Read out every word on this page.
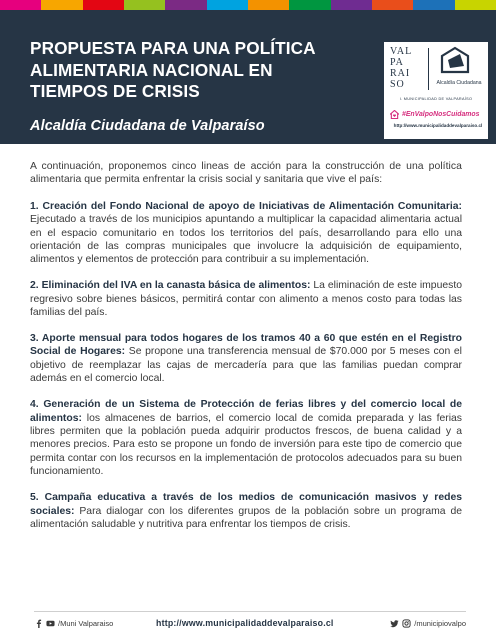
PROPUESTA PARA UNA POLÍTICA
ALIMENTARIA NACIONAL EN
TIEMPOS DE CRISIS
Alcaldía Ciudadana de Valparaíso
VAL
PA
RAI
SO	Alcaldía Ciudadana
I. MUNICIPALIDAD DE VALPARAÍSO
#EnValpoNosCuidamos
http://www.municipalidaddevalparaiso.cl

A continuación, proponemos cinco lineas de acción para la construcción de una política alimentaria que permita enfrentar la crisis social y sanitaria que vive el país:

1. Creación del Fondo Nacional de apoyo de Iniciativas de Alimentación Comunitaria: Ejecutado a través de los municipios apuntando a multiplicar la capacidad alimentaria actual en el espacio comunitario en todos los territorios del país, desarrollando para ello una orientación de las compras municipales que involucre la adquisición de equipamiento, alimentos y elementos de protección para contribuir a su implementación.

2. Eliminación del IVA en la canasta básica de alimentos: La eliminación de este impuesto regresivo sobre bienes básicos, permitirá contar con alimento a menos costo para todas las familias del país.

3. Aporte mensual para todos hogares de los tramos 40 a 60 que estén en el Registro Social de Hogares: Se propone una transferencia mensual de $70.000 por 5 meses con el objetivo de reemplazar las cajas de mercadería para que las familias puedan comprar además en el comercio local.

4. Generación de un Sistema de Protección de ferias libres y del comercio local de alimentos: los almacenes de barrios, el comercio local de comida preparada y las ferias libres permiten que la población pueda adquirir productos frescos, de buena calidad y a menores precios. Para esto se propone un fondo de inversión para este tipo de comercio que permita contar con los recursos en la implementación de protocolos adecuados para su buen funcionamiento.

5. Campaña educativa a través de los medios de comunicación masivos y redes sociales: Para dialogar con los diferentes grupos de la población sobre un programa de alimentación saludable y nutritiva para enfrentar los tiempos de crisis.

/Muni Valparaiso	http://www.municipalidaddevalparaiso.cl	/municipiovalpo
